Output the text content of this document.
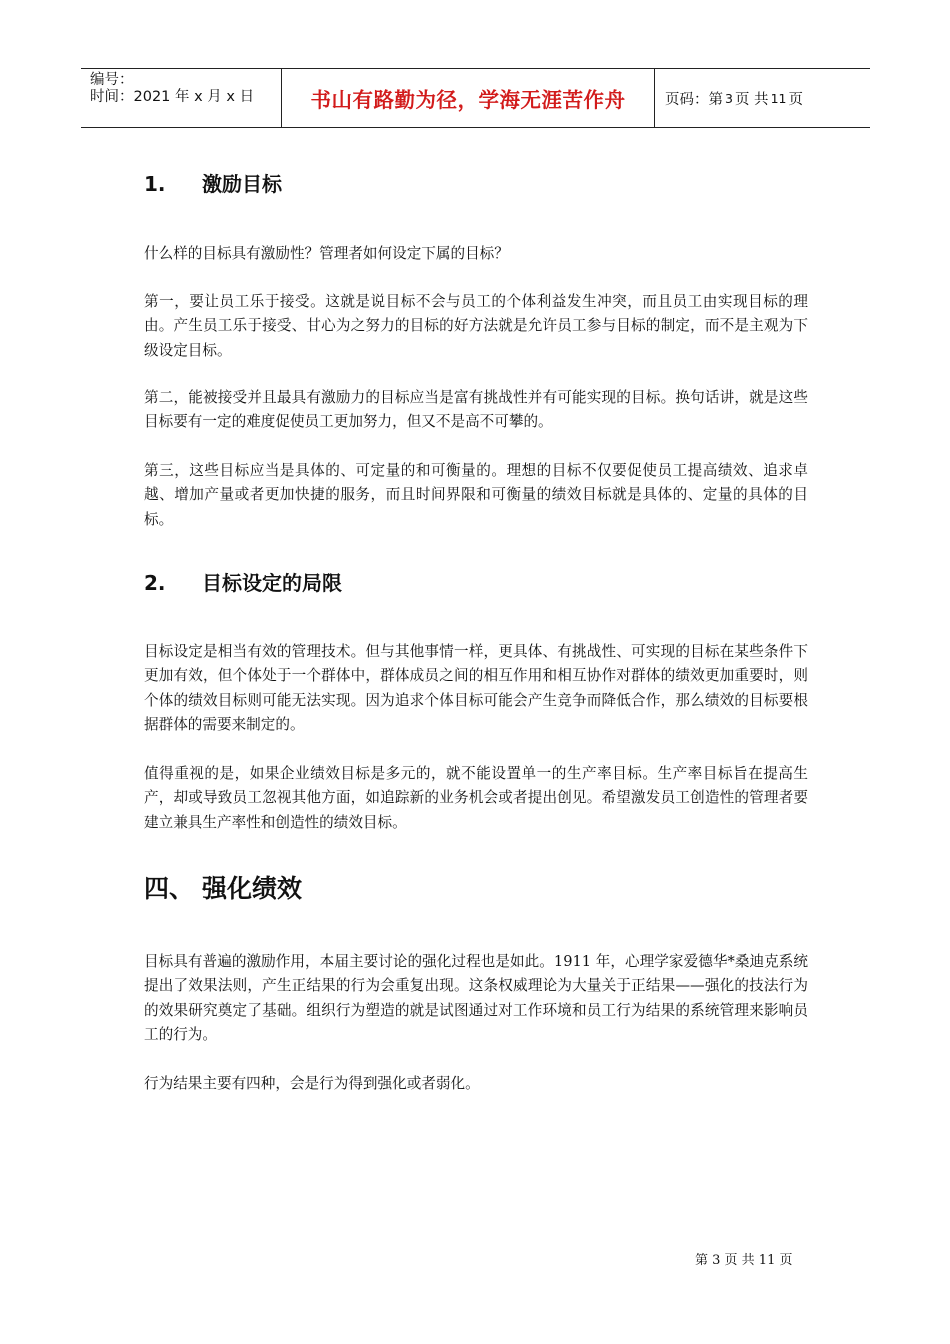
编号：
时间：2021 年 x 月 x 日	书山有路勤为径，学海无涯苦作舟	页码：第 3 页 共 11 页
1. 激励目标

什么样的目标具有激励性？管理者如何设定下属的目标？

第一，要让员工乐于接受。这就是说目标不会与员工的个体利益发生冲突，而且员工由实现目标的理由。产生员工乐于接受、甘心为之努力的目标的好方法就是允许员工参与目标的制定，而不是主观为下级设定目标。

第二，能被接受并且最具有激励力的目标应当是富有挑战性并有可能实现的目标。换句话讲，就是这些目标要有一定的难度促使员工更加努力，但又不是高不可攀的。

第三，这些目标应当是具体的、可定量的和可衡量的。理想的目标不仅要促使员工提高绩效、追求卓越、增加产量或者更加快捷的服务，而且时间界限和可衡量的绩效目标就是具体的、定量的具体的目标。

2. 目标设定的局限

目标设定是相当有效的管理技术。但与其他事情一样，更具体、有挑战性、可实现的目标在某些条件下更加有效，但个体处于一个群体中，群体成员之间的相互作用和相互协作对群体的绩效更加重要时，则个体的绩效目标则可能无法实现。因为追求个体目标可能会产生竞争而降低合作，那么绩效的目标要根据群体的需要来制定的。

值得重视的是，如果企业绩效目标是多元的，就不能设置单一的生产率目标。生产率目标旨在提高生产，却或导致员工忽视其他方面，如追踪新的业务机会或者提出创见。希望激发员工创造性的管理者要建立兼具生产率性和创造性的绩效目标。

四、 强化绩效

目标具有普遍的激励作用，本届主要讨论的强化过程也是如此。1911 年，心理学家爱德华*桑迪克系统提出了效果法则，产生正结果的行为会重复出现。这条权威理论为大量关于正结果——强化的技法行为的效果研究奠定了基础。组织行为塑造的就是试图通过对工作环境和员工行为结果的系统管理来影响员工的行为。

行为结果主要有四种，会是行为得到强化或者弱化。

第 3 页 共 11 页
